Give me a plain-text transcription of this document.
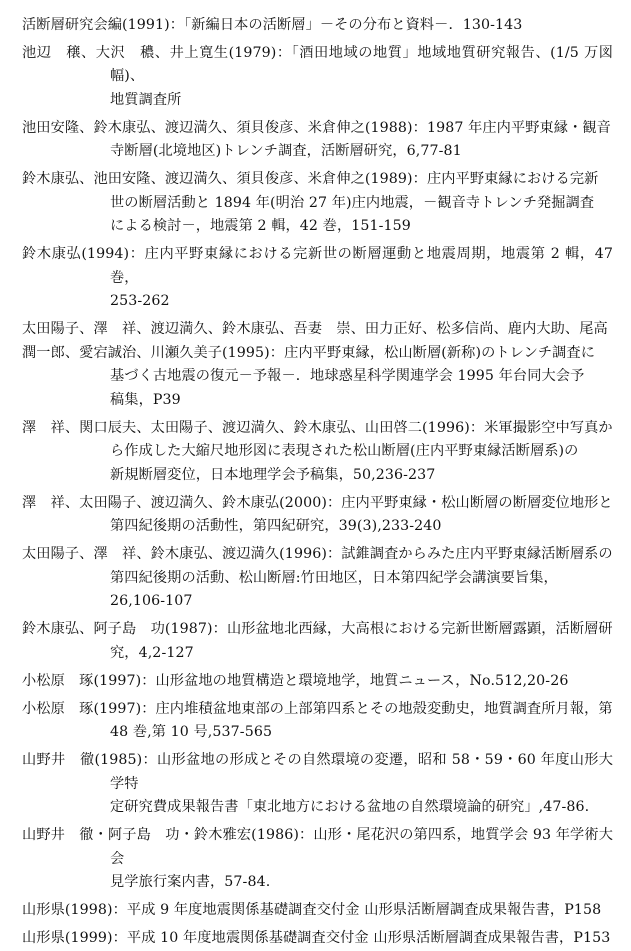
活断層研究会編(1991)：「新編日本の活断層」－その分布と資料－．130-143
池辺　穣、大沢　穠、井上寛生(1979)：「酒田地域の地質」地域地質研究報告、(1/5 万図幅)、
地質調査所
池田安隆、鈴木康弘、渡辺満久、須貝俊彦、米倉伸之(1988)：1987 年庄内平野東縁・観音
寺断層(北境地区)トレンチ調査，活断層研究，6,77-81
鈴木康弘、池田安隆、渡辺満久、須貝俊彦、米倉伸之(1989)：庄内平野東縁における完新
世の断層活動と 1894 年(明治 27 年)庄内地震，－観音寺トレンチ発掘調査
による検討－，地震第 2 輯，42 巻，151-159
鈴木康弘(1994)：庄内平野東縁における完新世の断層運動と地震周期，地震第 2 輯，47 巻，
253-262
太田陽子、澤　祥、渡辺満久、鈴木康弘、吾妻　崇、田力正好、松多信尚、鹿内大助、尾高
潤一郎、愛宕誠治、川瀬久美子(1995)：庄内平野東縁，松山断層(新称)のトレンチ調査に
基づく古地震の復元－予報－．地球惑星科学関連学会 1995 年台同大会予
稿集，P39
澤　祥、関口辰夫、太田陽子、渡辺満久、鈴木康弘、山田啓二(1996)：米軍撮影空中写真か
ら作成した大縮尺地形図に表現された松山断層(庄内平野東縁活断層系)の
新規断層変位，日本地理学会予稿集，50,236-237
澤　祥、太田陽子、渡辺満久、鈴木康弘(2000)：庄内平野東縁・松山断層の断層変位地形と
第四紀後期の活動性，第四紀研究，39(3),233-240
太田陽子、澤　祥、鈴木康弘、渡辺満久(1996)：試錐調査からみた庄内平野東縁活断層系の
第四紀後期の活動、松山断層:竹田地区，日本第四紀学会講演要旨集，
26,106-107
鈴木康弘、阿子島　功(1987)：山形盆地北西縁，大高根における完新世断層露顕，活断層研
究，4,2-127
小松原　琢(1997)：山形盆地の地質構造と環境地学，地質ニュース，No.512,20-26
小松原　琢(1997)：庄内堆積盆地東部の上部第四系とその地殻変動史，地質調査所月報，第
48 巻,第 10 号,537-565
山野井　徹(1985)：山形盆地の形成とその自然環境の変遷，昭和 58・59・60 年度山形大学特
定研究費成果報告書「東北地方における盆地の自然環境論的研究」,47-86.
山野井　徹・阿子島　功・鈴木雅宏(1986)：山形・尾花沢の第四系，地質学会 93 年学術大会
見学旅行案内書，57-84.
山形県(1998)：平成 9 年度地震関係基礎調査交付金 山形県活断層調査成果報告書，P158
山形県(1999)：平成 10 年度地震関係基礎調査交付金 山形県活断層調査成果報告書，P153
